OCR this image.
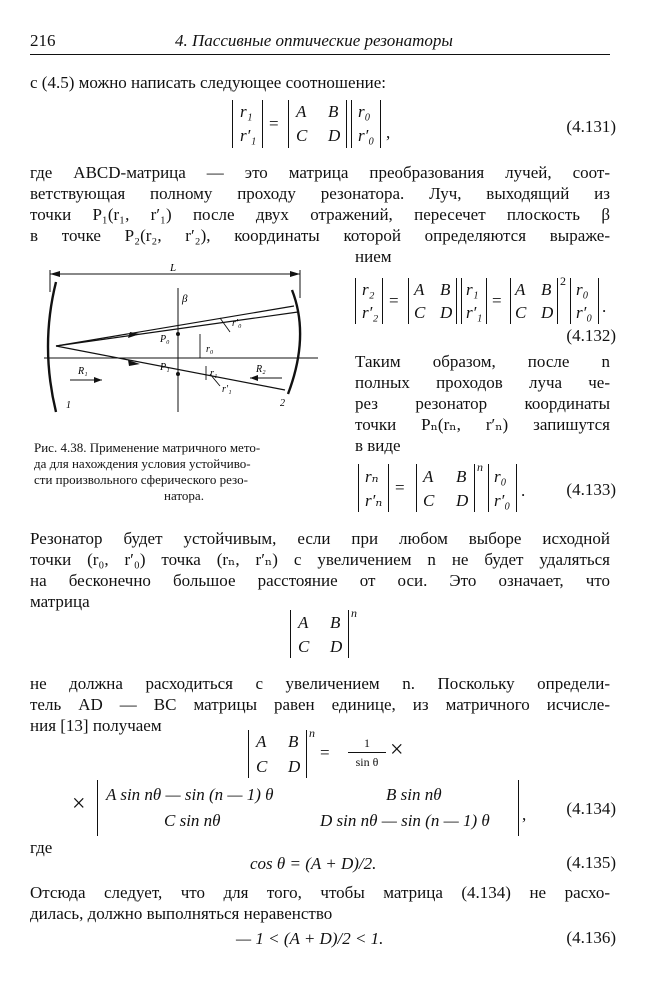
216	4. Пассивные оптические резонаторы
с (4.5) можно написать следующее соотношение:
r₁
r′₁
=
A B
C D
r₀
r′₀ ,	(4.131)
где ABCD-матрица — это матрица преобразования лучей, соот-
ветствующая полному проходу резонатора. Луч, выходящий из
точки P₁(r₁, r′₁) после двух отражений, пересечет плоскость β
в точке P₂(r₂, r′₂), координаты которой определяются выраже-
нием
L
β
P₀
P₁
r₀
r′₀
r₁
r′₁
R₁	R₂
1	2
Рис. 4.38. Применение матричного мето-
да для нахождения условия устойчиво-
сти произвольного сферического резо-
натора.
r₂
r′₂
=
A B
C D
r₁
r′₁
=
A B
C D
2 r₀
r′₀ .
(4.132)
Таким образом, после n
полных проходов луча че-
рез резонатор координаты
точки Pₙ(rₙ, r′ₙ) запишутся
в виде
rₙ
r′ₙ
=
A B
C D
n r₀
r′₀
. (4.133)
Резонатор будет устойчивым, если при любом выборе исходной
точки (r₀, r′₀) точка (rₙ, r′ₙ) с увеличением n не будет удаляться
на бесконечно большое расстояние от оси. Это означает, что
матрица
A B
C D
n
не должна расходиться с увеличением n. Поскольку определи-
тель AD — BC матрицы равен единице, из матричного исчисле-
ния [13] получаем
A B
C D
n
=	1
sin θ ×
× A sin nθ — sin (n — 1) θ	B sin nθ
C sin nθ	D sin nθ — sin (n — 1) θ , (4.134)
где
cos θ = (A + D)/2.	(4.135)
Отсюда следует, что для того, чтобы матрица (4.134) не расхо-
дилась, должно выполняться неравенство
— 1 < (A + D)/2 < 1.	(4.136)
